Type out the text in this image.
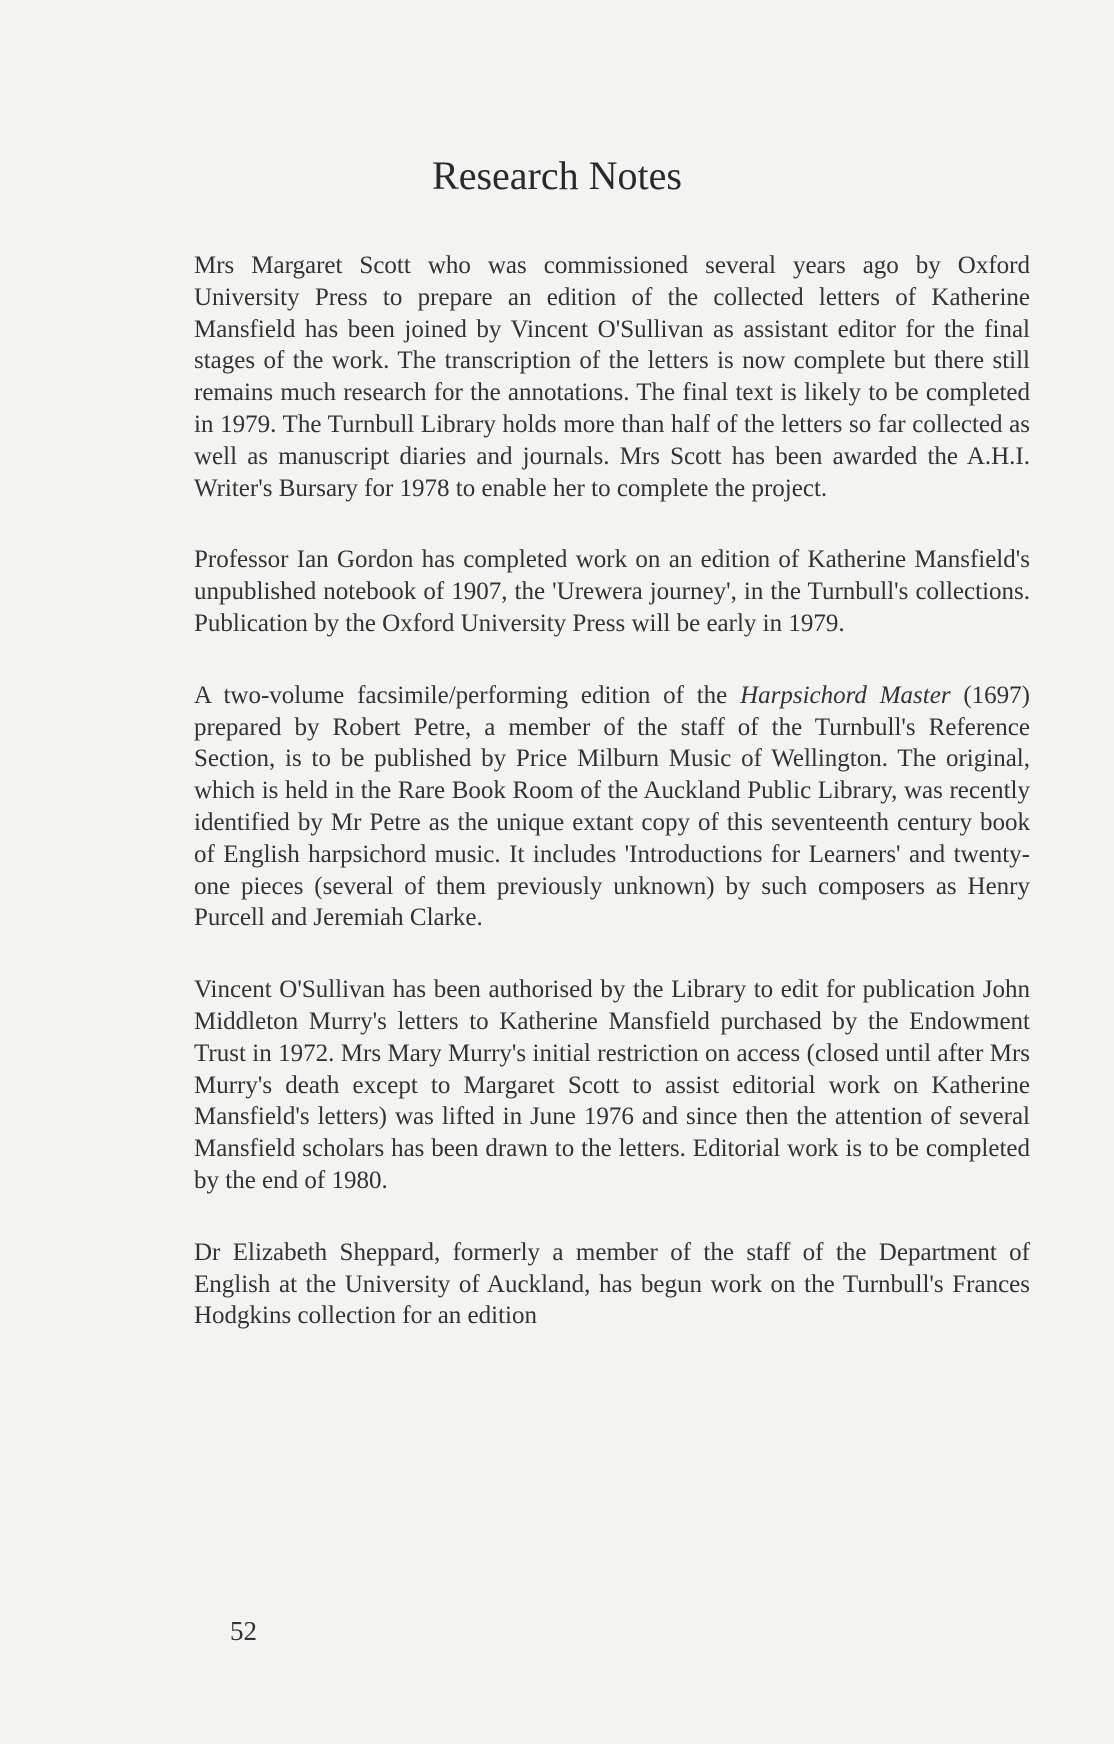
Research Notes

Mrs Margaret Scott who was commissioned several years ago by Oxford University Press to prepare an edition of the collected letters of Katherine Mansfield has been joined by Vincent O'Sullivan as assistant editor for the final stages of the work. The transcription of the letters is now complete but there still remains much research for the annotations. The final text is likely to be completed in 1979. The Turnbull Library holds more than half of the letters so far collected as well as manuscript diaries and journals. Mrs Scott has been awarded the A.H.I. Writer's Bursary for 1978 to enable her to complete the project.

Professor Ian Gordon has completed work on an edition of Katherine Mansfield's unpublished notebook of 1907, the 'Urewera journey', in the Turnbull's collections. Publication by the Oxford University Press will be early in 1979.

A two-volume facsimile/performing edition of the Harpsichord Master (1697) prepared by Robert Petre, a member of the staff of the Turnbull's Reference Section, is to be published by Price Milburn Music of Wellington. The original, which is held in the Rare Book Room of the Auckland Public Library, was recently identified by Mr Petre as the unique extant copy of this seventeenth century book of English harpsichord music. It includes 'Introductions for Learners' and twenty-one pieces (several of them previously unknown) by such composers as Henry Purcell and Jeremiah Clarke.

Vincent O'Sullivan has been authorised by the Library to edit for publication John Middleton Murry's letters to Katherine Mansfield purchased by the Endowment Trust in 1972. Mrs Mary Murry's initial restriction on access (closed until after Mrs Murry's death except to Margaret Scott to assist editorial work on Katherine Mansfield's letters) was lifted in June 1976 and since then the attention of several Mansfield scholars has been drawn to the letters. Editorial work is to be completed by the end of 1980.

Dr Elizabeth Sheppard, formerly a member of the staff of the Department of English at the University of Auckland, has begun work on the Turnbull's Frances Hodgkins collection for an edition

52
